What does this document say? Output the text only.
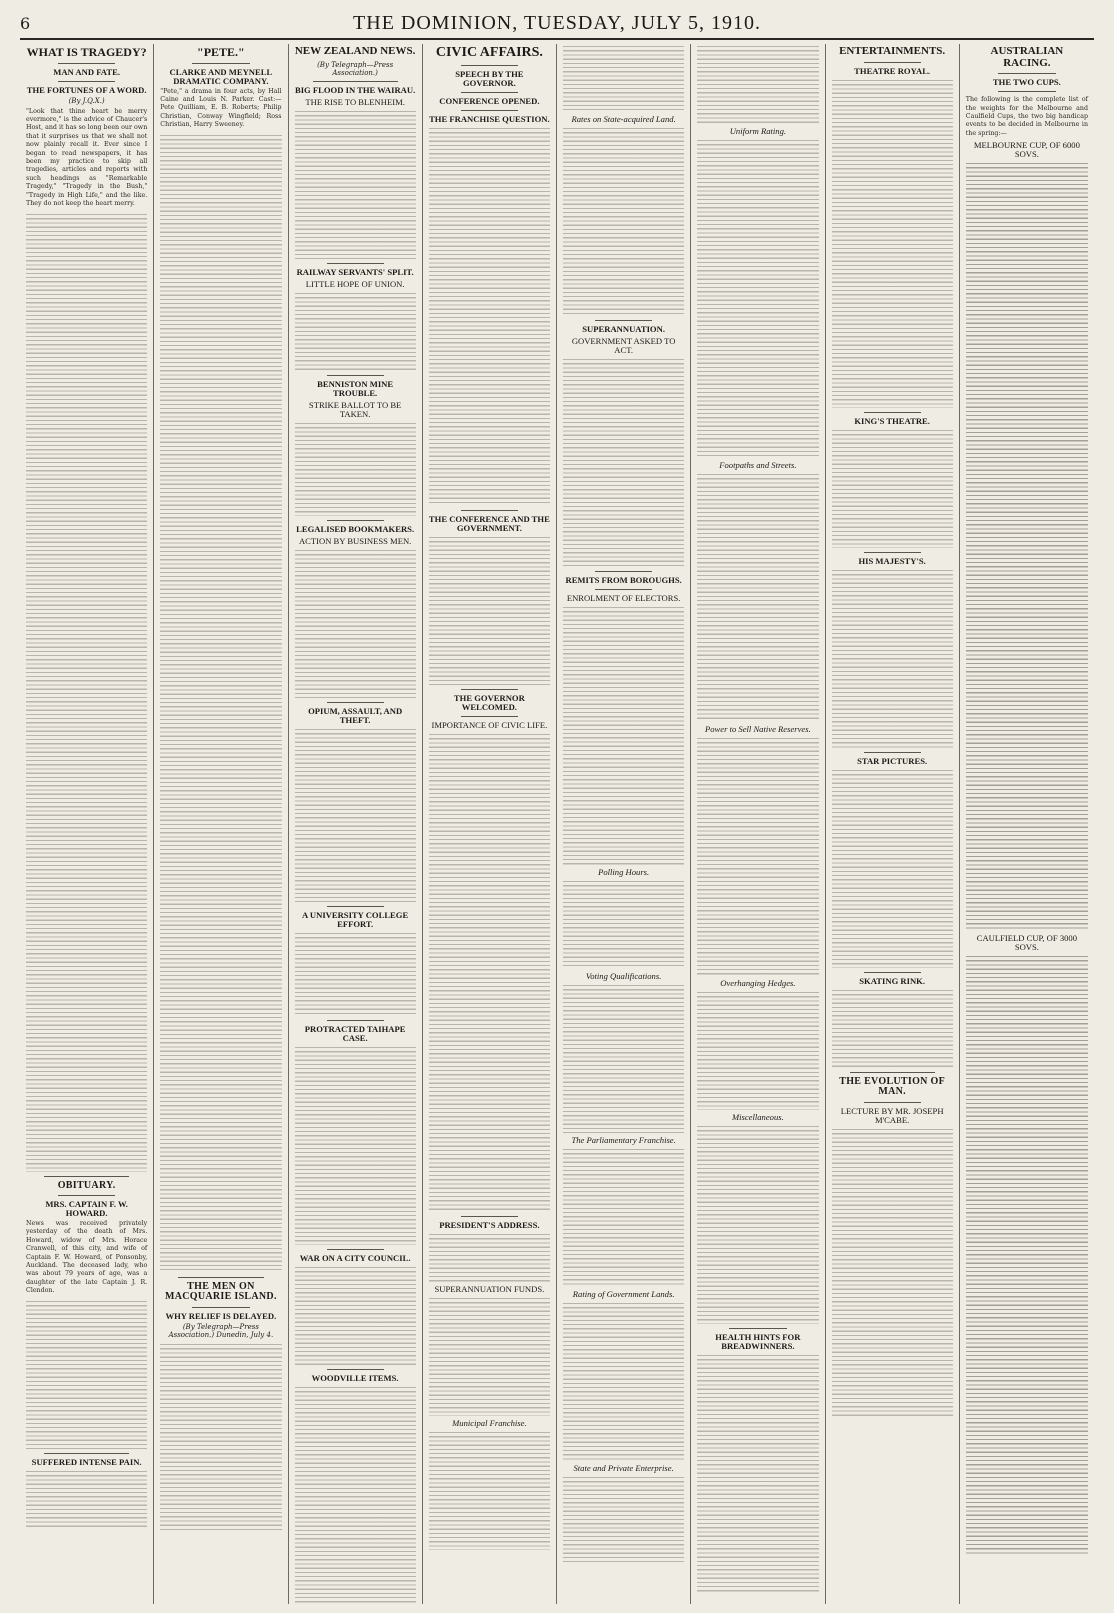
6	THE DOMINION, TUESDAY, JULY 5, 1910.
WHAT IS TRAGEDY?
MAN AND FATE.
THE FORTUNES OF A WORD.
(By J.Q.X.)

"Look that thine heart be merry evermore," is the advice of Chaucer's Host, and it has so long been our own that it surprises us that we shall not now plainly recall it. Ever since I began to read newspapers, it has been my practice to skip all tragedies, articles and reports with such headings as "Remarkable Tragedy," "Tragedy in the Bush," "Tragedy in High Life," and the like. They do not keep the heart merry.

OBITUARY.
MRS. CAPTAIN F. W. HOWARD.

News was received privately yesterday of the death of Mrs. Howard, widow of Mrs. Horace Cranwell, of this city, and wife of Captain F. W. Howard, of Ponsonby, Auckland. The deceased lady, who was about 79 years of age, was a daughter of the late Captain J. R. Clendon.

SUFFERED INTENSE PAIN.
"PETE."
CLARKE AND MEYNELL DRAMATIC COMPANY.

"Pete," a drama in four acts, by Hall Caine and Louis N. Parker. Cast:—Pete Quilliam, E. B. Roberts; Philip Christian, Conway Wingfield; Ross Christian, Harry Sweeney.

THE MEN ON MACQUARIE ISLAND.
WHY RELIEF IS DELAYED.
(By Telegraph—Press Association.) Dunedin, July 4.
NEW ZEALAND NEWS.
(By Telegraph—Press Association.)
BIG FLOOD IN THE WAIRAU.
THE RISE TO BLENHEIM.
RAILWAY SERVANTS' SPLIT.
LITTLE HOPE OF UNION.
BENNISTON MINE TROUBLE.
STRIKE BALLOT TO BE TAKEN.
LEGALISED BOOKMAKERS.
ACTION BY BUSINESS MEN.
OPIUM, ASSAULT, AND THEFT.
A UNIVERSITY COLLEGE EFFORT.
PROTRACTED TAIHAPE CASE.
WAR ON A CITY COUNCIL.
WOODVILLE ITEMS.
CIVIC AFFAIRS.
SPEECH BY THE GOVERNOR.
CONFERENCE OPENED.
THE FRANCHISE QUESTION.
THE CONFERENCE AND THE GOVERNMENT.
THE GOVERNOR WELCOMED.
IMPORTANCE OF CIVIC LIFE.
PRESIDENT'S ADDRESS.
SUPERANNUATION FUNDS.
Municipal Franchise.
Rates on State-acquired Land.
SUPERANNUATION.
GOVERNMENT ASKED TO ACT.
REMITS FROM BOROUGHS.
ENROLMENT OF ELECTORS.
Polling Hours.
Voting Qualifications.
The Parliamentary Franchise.
Rating of Government Lands.
State and Private Enterprise.
Uniform Rating.
Footpaths and Streets.
Power to Sell Native Reserves.
Overhanging Hedges.
Miscellaneous.
HEALTH HINTS FOR BREADWINNERS.
ENTERTAINMENTS.
THEATRE ROYAL.
KING'S THEATRE.
HIS MAJESTY'S.
STAR PICTURES.
SKATING RINK.
THE EVOLUTION OF MAN.
LECTURE BY MR. JOSEPH M'CABE.
AUSTRALIAN RACING.
THE TWO CUPS.

The following is the complete list of the weights for the Melbourne and Caulfield Cups, the two big handicap events to be decided in Melbourne in the spring:—

MELBOURNE CUP, OF 6000 SOVS.
CAULFIELD CUP, OF 3000 SOVS.
